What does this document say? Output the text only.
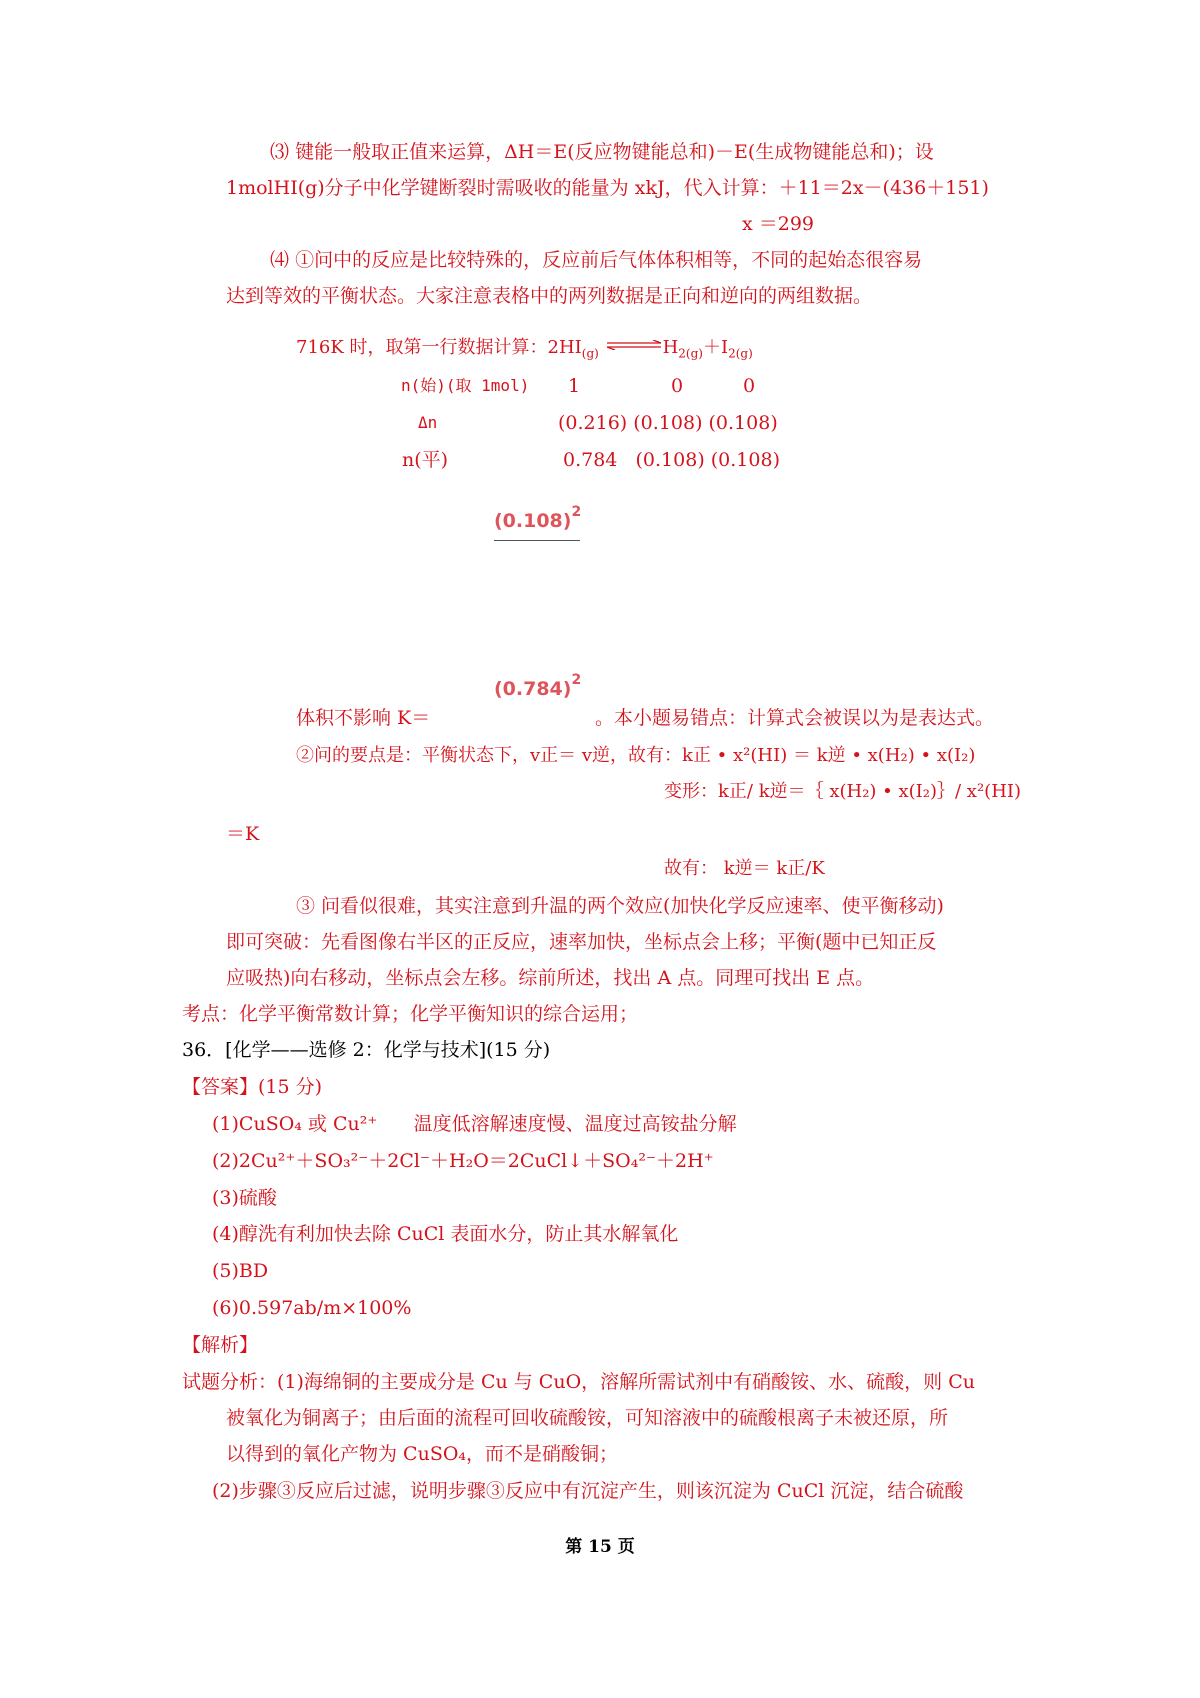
⑶ 键能一般取正值来运算，ΔH＝E(反应物键能总和)－E(生成物键能总和)；设
1molHI(g)分子中化学键断裂时需吸收的能量为 xkJ，代入计算：＋11＝2x－(436＋151)
x ＝299
⑷ ①问中的反应是比较特殊的，反应前后气体体积相等，不同的起始态很容易
达到等效的平衡状态。大家注意表格中的两列数据是正向和逆向的两组数据。
716K 时，取第一行数据计算：$2HI_{(g)}$ $\rightleftharpoons H_{2(g)}+I_{2(g)}$
n(始)(取 1mol) 1	0	0
Δn	(0.216) (0.108) (0.108)
n(平)	0.784   (0.108) (0.108)
$(0.108)^2$
$(0.784)^2$
体积不影响 K＝	。本小题易错点：计算式会被误以为是表达式。
②问的要点是：平衡状态下，v正＝ v逆，故有：k正 • x²(HI) ＝ k逆 • x(H₂) • x(I₂)
变形：k正/ k逆＝｛ x(H₂) • x(I₂)｝/ x²(HI)
＝K
故有： k逆＝ k正/K
③ 问看似很难，其实注意到升温的两个效应(加快化学反应速率、使平衡移动)
即可突破：先看图像右半区的正反应，速率加快，坐标点会上移；平衡(题中已知正反
应吸热)向右移动，坐标点会左移。综前所述，找出 A 点。同理可找出 E 点。
考点：化学平衡常数计算；化学平衡知识的综合运用；
36．[化学——选修 2：化学与技术](15 分)
【答案】(15 分)
(1)CuSO₄ 或 Cu²⁺      温度低溶解速度慢、温度过高铵盐分解
(2)2Cu²⁺＋SO₃²⁻＋2Cl⁻＋H₂O＝2CuCl↓＋SO₄²⁻＋2H⁺
(3)硫酸
(4)醇洗有利加快去除 CuCl 表面水分，防止其水解氧化
(5)BD
(6)0.597ab/m×100%
【解析】
试题分析：(1)海绵铜的主要成分是 Cu 与 CuO，溶解所需试剂中有硝酸铵、水、硫酸，则 Cu
被氧化为铜离子；由后面的流程可回收硫酸铵，可知溶液中的硫酸根离子未被还原，所
以得到的氧化产物为 CuSO₄，而不是硝酸铜；
(2)步骤③反应后过滤，说明步骤③反应中有沉淀产生，则该沉淀为 CuCl 沉淀，结合硫酸
第 15 页
